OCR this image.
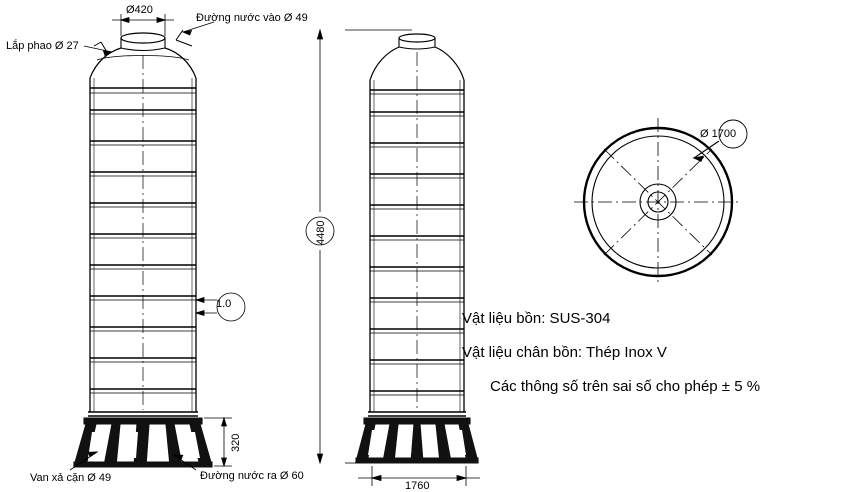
Ø420
Lắp phao Ø 27
Đường nước vào Ø 49
1.0
320
Van xả cặn Ø 49	Đường nước ra Ø 60
4480
1760
Ø 1700
Vật liệu bồn: SUS-304
Vật liệu chân bồn: Thép Inox V
Các thông số trên sai số cho phép ± 5 %
